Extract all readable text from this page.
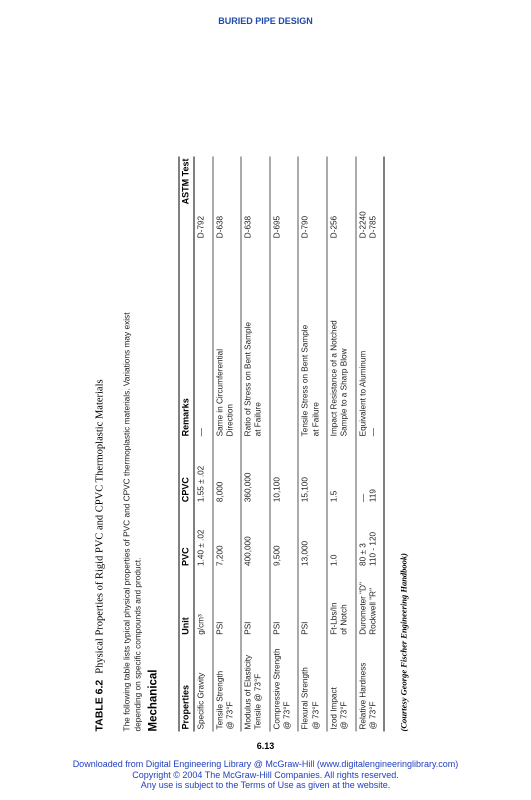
BURIED PIPE DESIGN
TABLE 6.2Physical Properties of Rigid PVC and CPVC Thermoplastic Materials The following table lists typical physical properties of PVC and CPVC thermoplastic materials. Variations may exist depending on specific compounds and product. Mechanical Properties	Unit	PVC	CPVC	Remarks	ASTM Test

Specific Gravity	g/cm³	1.40 ± .02	1.55 ± .02	—	D-792

Tensile Strength @ 73°F	PSI	7,200	8,000	Same in Circumferential Direction	D-638

Modulus of Elasticity Tensile @ 73°F	PSI	400,000	360,000	Ratio of Stress on Bent Sample at Failure	D-638

Compressive Strength @ 73°F	PSI	9,500	10,100		D-695

Flexural Strength @ 73°F	PSI	13,000	15,100	Tensile Stress on Bent Sample at Failure	D-790

Izod Impact @ 73°F	Ft-Lbs/In of Notch	1.0	1.5	Impact Resistance of a Notched Sample to a Sharp Blow	D-256

Relative Hardness @ 73°F	Durometer "D" Rockwell "R"	80 ± 3 110 - 120	— 119	Equivalent to Aluminum —	D-2240 D-785
(Courtesy George Fischer Engineering Handbook)
6.13
Downloaded from Digital Engineering Library @ McGraw-Hill (www.digitalengineeringlibrary.com)
Copyright © 2004 The McGraw-Hill Companies. All rights reserved.
Any use is subject to the Terms of Use as given at the website.
